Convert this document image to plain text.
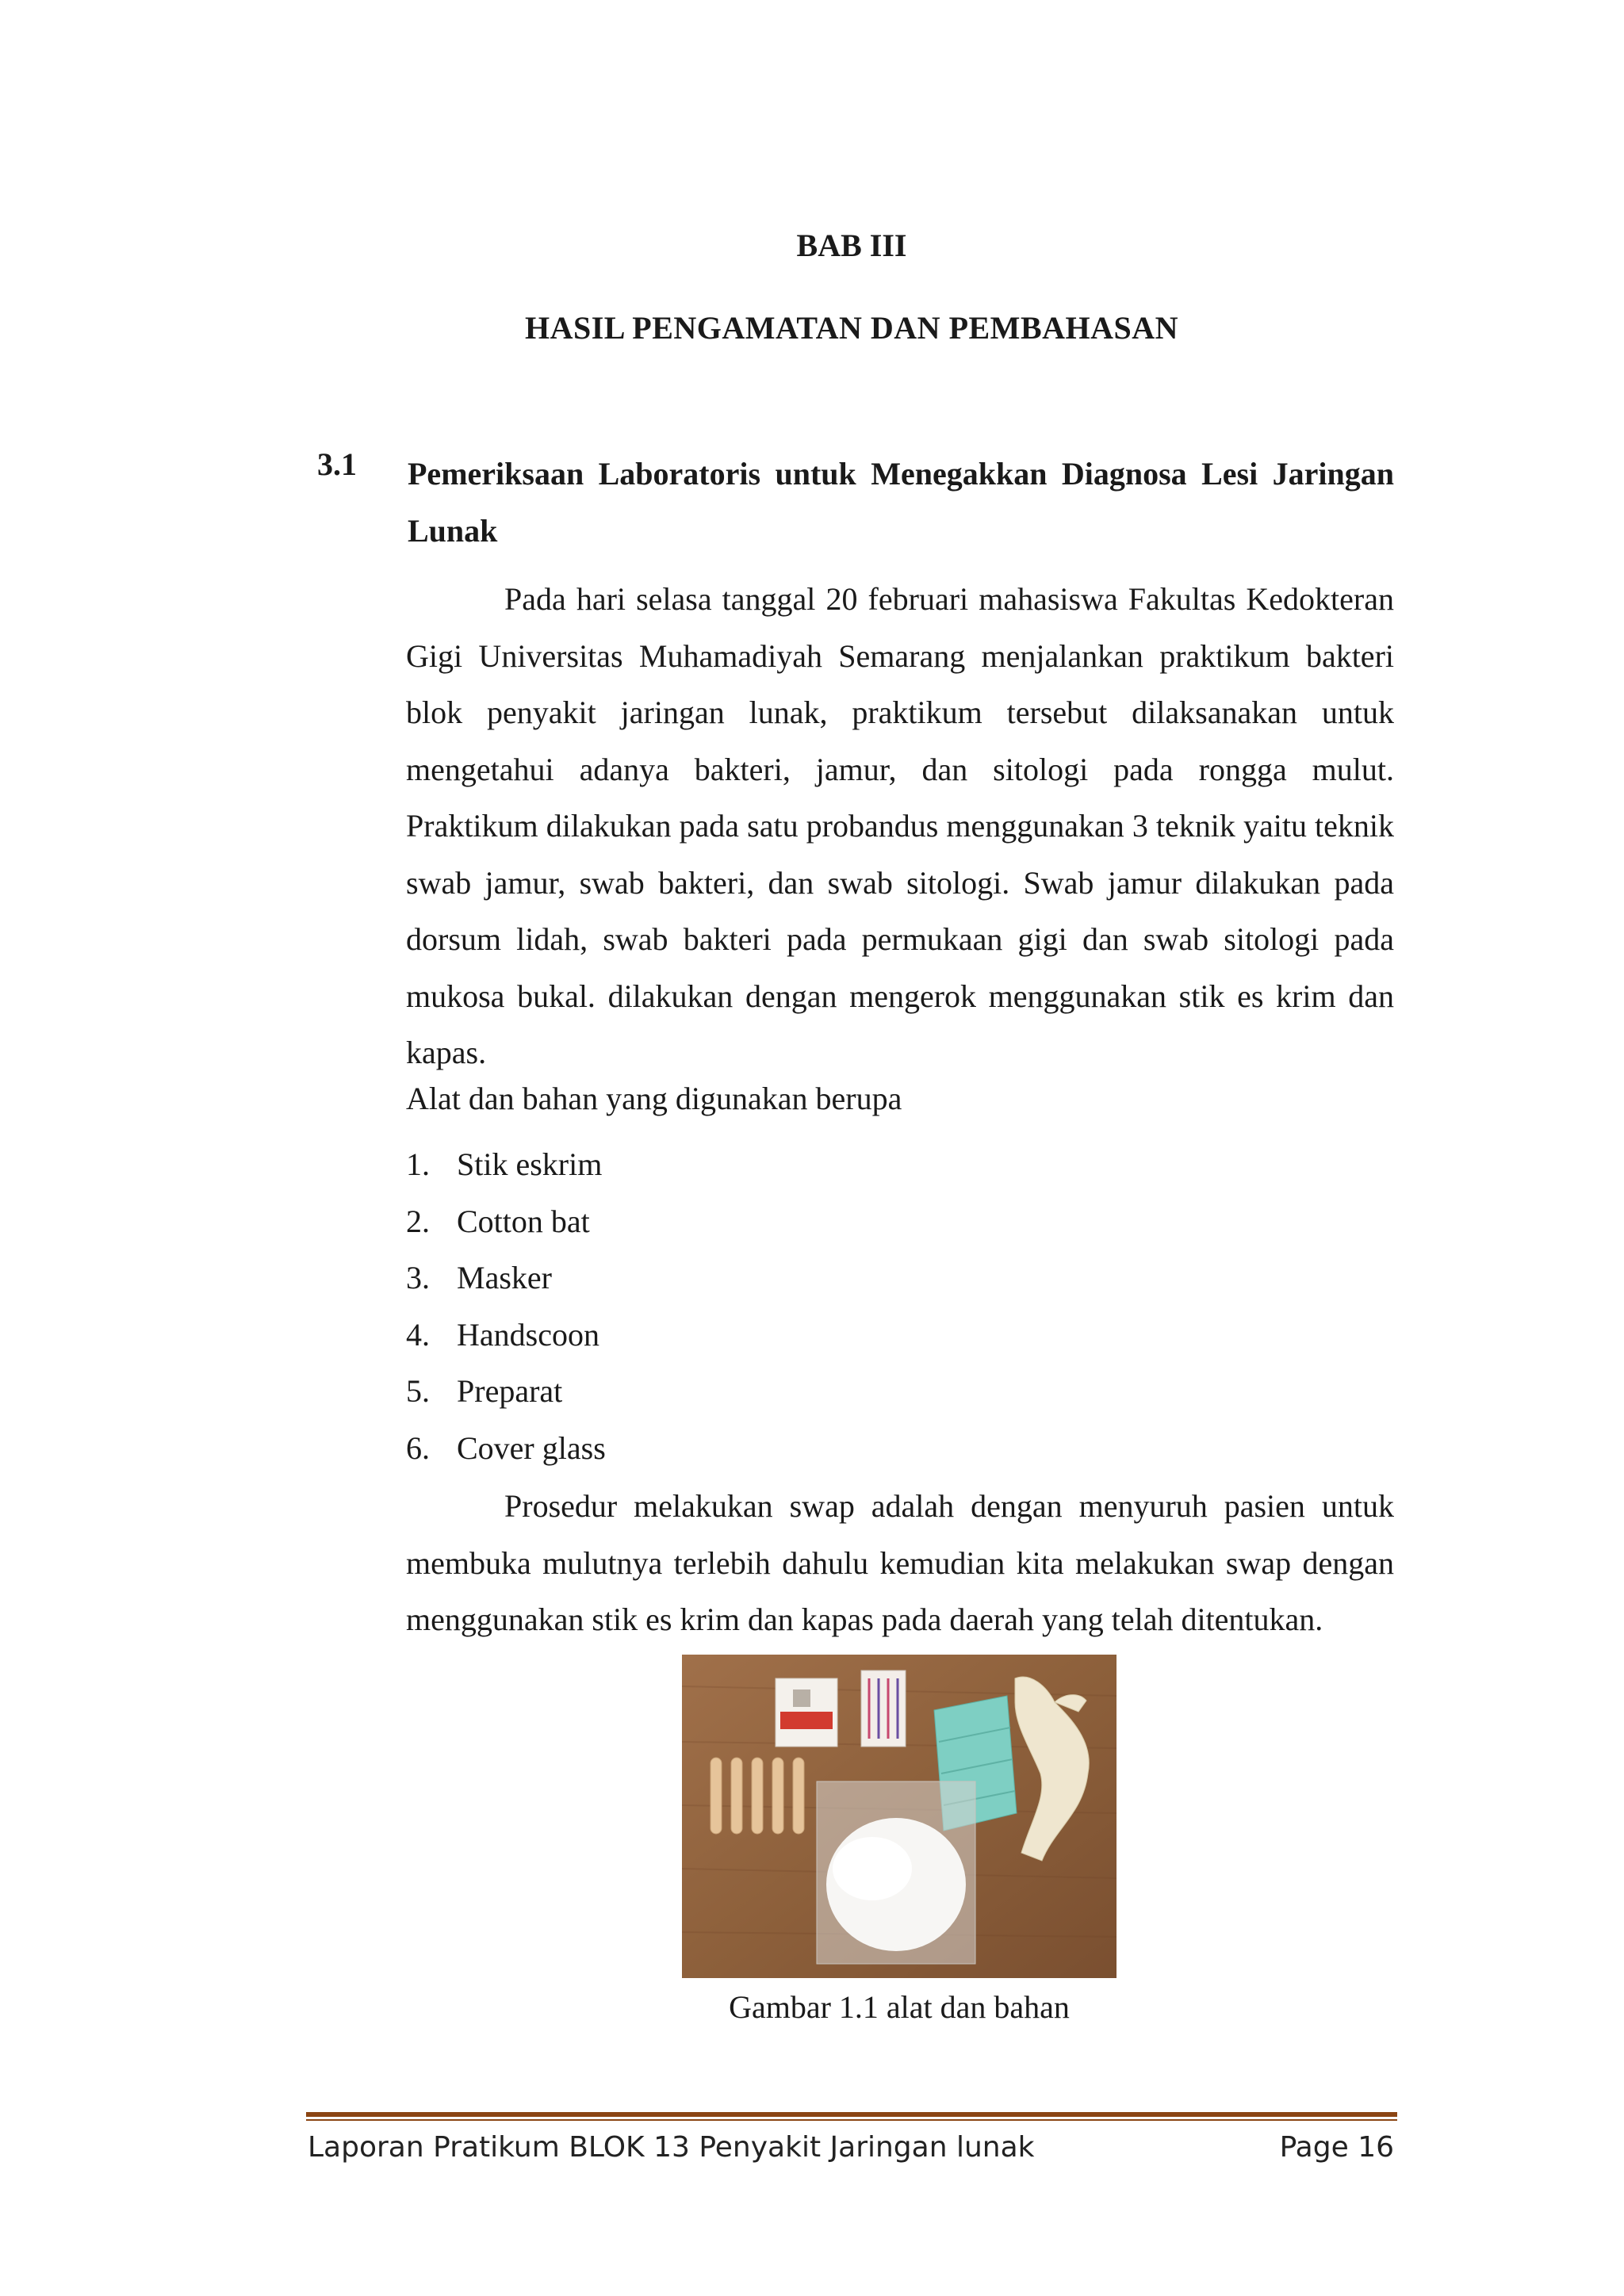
BAB III
HASIL PENGAMATAN DAN PEMBAHASAN
3.1 Pemeriksaan Laboratoris untuk Menegakkan Diagnosa Lesi Jaringan Lunak

Pada hari selasa tanggal 20 februari mahasiswa Fakultas Kedokteran Gigi Universitas Muhamadiyah Semarang menjalankan praktikum bakteri blok penyakit jaringan lunak, praktikum tersebut dilaksanakan untuk mengetahui adanya bakteri, jamur, dan sitologi pada rongga mulut. Praktikum dilakukan pada satu probandus menggunakan 3 teknik yaitu teknik swab jamur, swab bakteri, dan swab sitologi. Swab jamur dilakukan pada dorsum lidah, swab bakteri pada permukaan gigi dan swab sitologi pada mukosa bukal. dilakukan dengan mengerok menggunakan stik es krim dan kapas.

Alat dan bahan yang digunakan berupa
1. Stik eskrim
2. Cotton bat
3. Masker
4. Handscoon
5. Preparat
6. Cover glass

Prosedur melakukan swap adalah dengan menyuruh pasien untuk membuka mulutnya terlebih dahulu kemudian kita melakukan swap dengan menggunakan stik es krim dan kapas pada daerah yang telah ditentukan.

Gambar 1.1 alat dan bahan
Laporan Pratikum BLOK 13 Penyakit Jaringan lunak	Page 16
